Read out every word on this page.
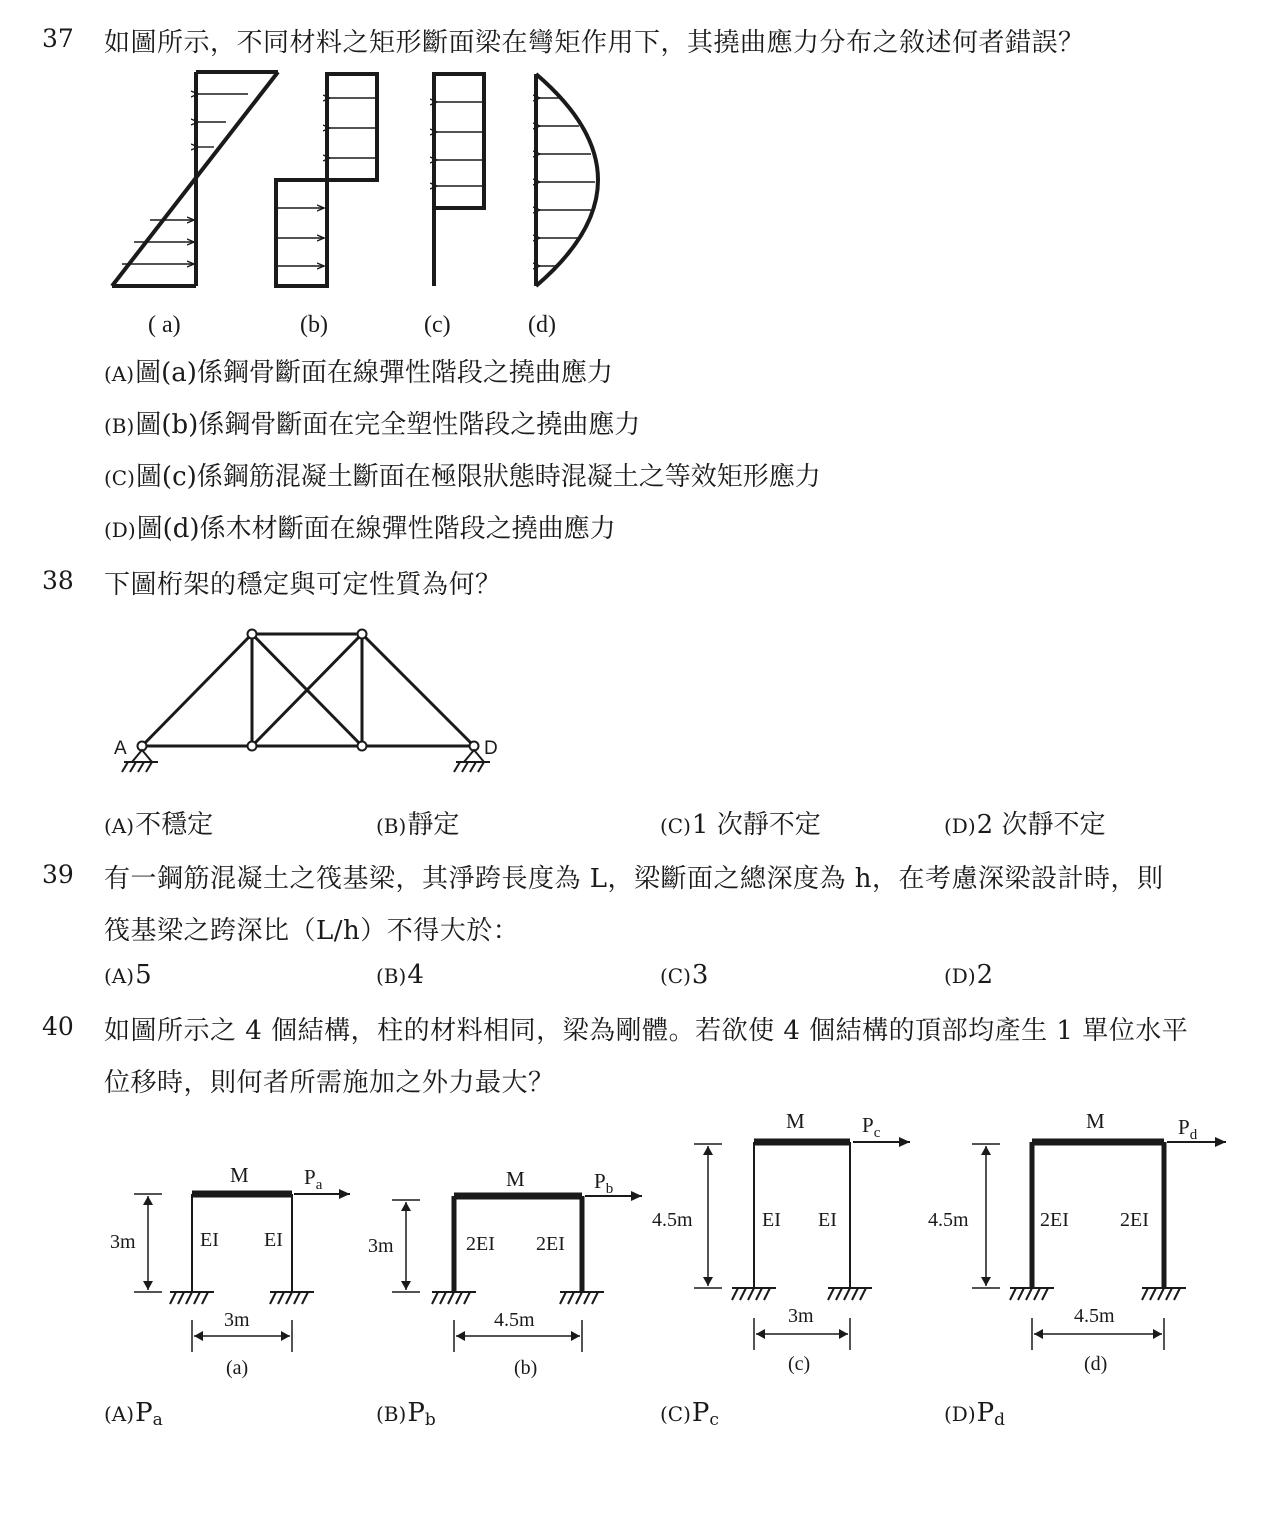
37 如圖所示，不同材料之矩形斷面梁在彎矩作用下，其撓曲應力分布之敘述何者錯誤？
( a)	(b)	(c)	(d)
(A)圖(a)係鋼骨斷面在線彈性階段之撓曲應力
(B)圖(b)係鋼骨斷面在完全塑性階段之撓曲應力
(C)圖(c)係鋼筋混凝土斷面在極限狀態時混凝土之等效矩形應力
(D)圖(d)係木材斷面在線彈性階段之撓曲應力
38 下圖桁架的穩定與可定性質為何？
A	D
(A)不穩定	(B)靜定	(C)1 次靜不定	(D)2 次靜不定
39 有一鋼筋混凝土之筏基梁，其淨跨長度為 L，梁斷面之總深度為 h，在考慮深梁設計時，則
筏基梁之跨深比（L/h）不得大於：
(A)5	(B)4	(C)3	(D)2
40 如圖所示之 4 個結構，柱的材料相同，梁為剛體。若欲使 4 個結構的頂部均產生 1 單位水平
位移時，則何者所需施加之外力最大？
M	$P_a$
3m	EI EI
3m
(a)
M	$P_b$
3m	2EI 2EI
4.5m
(b)
M	$P_c$
4.5m	EI EI
3m
(c)
M	$P_d$
4.5m	2EI	2EI
4.5m
(d)
$(A)P_a$	$(B)P_b$	$(C)P_c$	$(D)P_d$
